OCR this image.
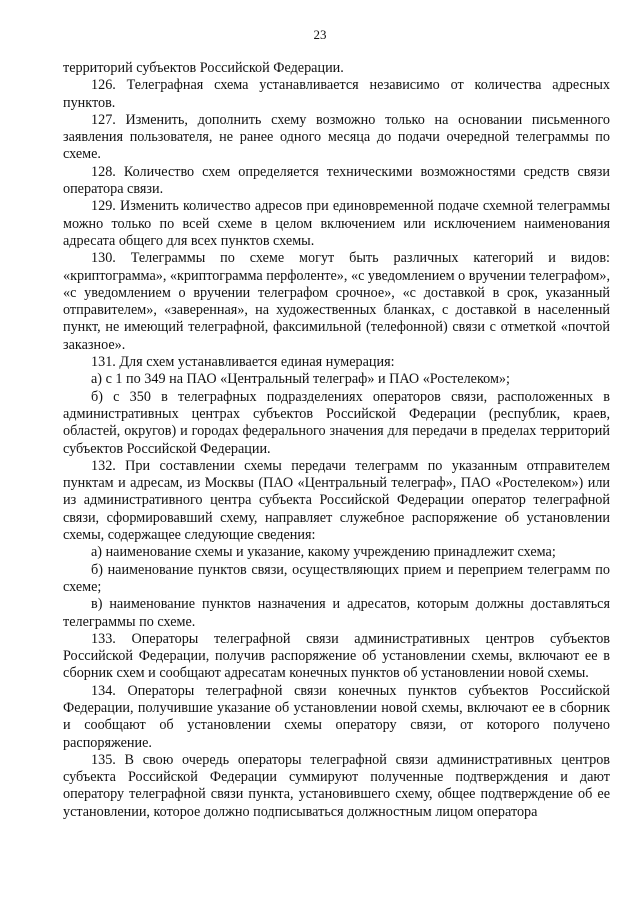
23

территорий субъектов Российской Федерации.

126. Телеграфная схема устанавливается независимо от количества адресных пунктов.

127. Изменить, дополнить схему возможно только на основании письменного заявления пользователя, не ранее одного месяца до подачи очередной телеграммы по схеме.

128. Количество схем определяется техническими возможностями средств связи оператора связи.

129. Изменить количество адресов при единовременной подаче схемной телеграммы можно только по всей схеме в целом включением или исключением наименования адресата общего для всех пунктов схемы.

130. Телеграммы по схеме могут быть различных категорий и видов: «криптограмма», «криптограмма перфоленте», «с уведомлением о вручении телеграфом», «с уведомлением о вручении телеграфом срочное», «с доставкой в срок, указанный отправителем», «заверенная», на художественных бланках, с доставкой в населенный пункт, не имеющий телеграфной, факсимильной (телефонной) связи с отметкой «почтой заказное».

131. Для схем устанавливается единая нумерация:

а) с 1 по 349 на ПАО «Центральный телеграф» и ПАО «Ростелеком»;

б) с 350 в телеграфных подразделениях операторов связи, расположенных в административных центрах субъектов Российской Федерации (республик, краев, областей, округов) и городах федерального значения для передачи в пределах территорий субъектов Российской Федерации.

132. При составлении схемы передачи телеграмм по указанным отправителем пунктам и адресам, из Москвы (ПАО «Центральный телеграф», ПАО «Ростелеком») или из административного центра субъекта Российской Федерации оператор телеграфной связи, сформировавший схему, направляет служебное распоряжение об установлении схемы, содержащее следующие сведения:

а) наименование схемы и указание, какому учреждению принадлежит схема;

б) наименование пунктов связи, осуществляющих прием и переприем телеграмм по схеме;

в) наименование пунктов назначения и адресатов, которым должны доставляться телеграммы по схеме.

133. Операторы телеграфной связи административных центров субъектов Российской Федерации, получив распоряжение об установлении схемы, включают ее в сборник схем и сообщают адресатам конечных пунктов об установлении новой схемы.

134. Операторы телеграфной связи конечных пунктов субъектов Российской Федерации, получившие указание об установлении новой схемы, включают ее в сборник и сообщают об установлении схемы оператору связи, от которого получено распоряжение.

135. В свою очередь операторы телеграфной связи административных центров субъекта Российской Федерации суммируют полученные подтверждения и дают оператору телеграфной связи пункта, установившего схему, общее подтверждение об ее установлении, которое должно подписываться должностным лицом оператора
